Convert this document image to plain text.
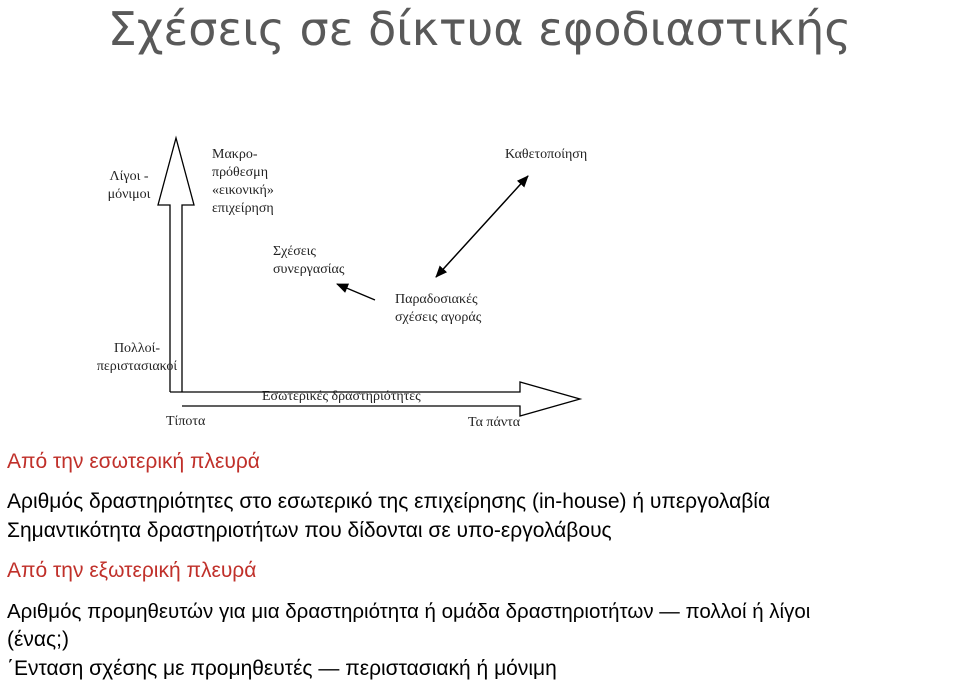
Σχέσεις σε δίκτυα εφοδιαστικής
Λίγοι -
μόνιμοι
Πολλοί-
περιστασιακοί
Τίποτα	Τα πάντα
Εσωτερικές δραστηριότητες
Μακρο-
πρόθεσμη
«εικονική»
επιχείρηση
Καθετοποίηση
Σχέσεις
συνεργασίας
Παραδοσιακές
σχέσεις αγοράς
Από την εσωτερική πλευρά
Αριθμός δραστηριότητες στο εσωτερικό της επιχείρησης (in-house) ή υπεργολαβία
Σημαντικότητα δραστηριοτήτων που δίδονται σε υπο-εργολάβους
Από την εξωτερική πλευρά
Αριθμός προμηθευτών για μια δραστηριότητα ή ομάδα δραστηριοτήτων — πολλοί ή λίγοι
(ένας;)
΄Ενταση σχέσης με προμηθευτές — περιστασιακή ή μόνιμη
